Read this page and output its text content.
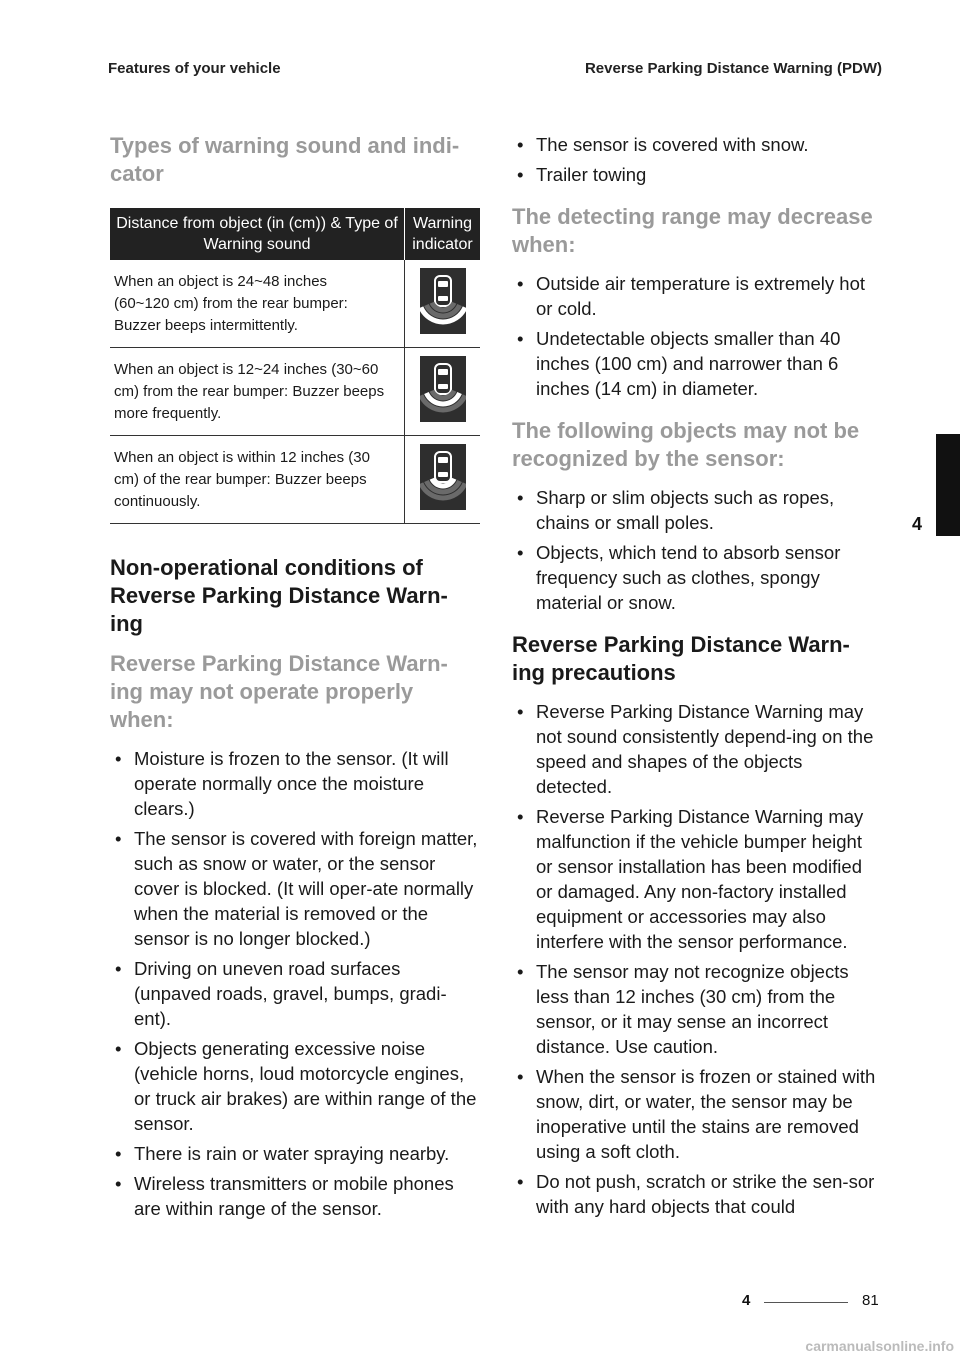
Features of your vehicle	Reverse Parking Distance Warning (PDW)
Types of warning sound and indi-cator
Distance from object (in (cm)) & Type of Warning sound	Warning indicator
When an object is 24~48 inches (60~120 cm) from the rear bumper: Buzzer beeps intermittently.	
When an object is 12~24 inches (30~60 cm) from the rear bumper: Buzzer beeps more frequently.	
When an object is within 12 inches (30 cm) of the rear bumper: Buzzer beeps continuously.	
Non-operational conditions of Reverse Parking Distance Warn-ing
Reverse Parking Distance Warn-ing may not operate properly when:
• Moisture is frozen to the sensor. (It will operate normally once the moisture clears.)
• The sensor is covered with foreign matter, such as snow or water, or the sensor cover is blocked. (It will oper-ate normally when the material is removed or the sensor is no longer blocked.)
• Driving on uneven road surfaces (unpaved roads, gravel, bumps, gradi-ent).
• Objects generating excessive noise (vehicle horns, loud motorcycle engines, or truck air brakes) are within range of the sensor.
• There is rain or water spraying nearby.
• Wireless transmitters or mobile phones are within range of the sensor.
• The sensor is covered with snow.
• Trailer towing
The detecting range may decrease when:
• Outside air temperature is extremely hot or cold.
• Undetectable objects smaller than 40 inches (100 cm) and narrower than 6 inches (14 cm) in diameter.
The following objects may not be recognized by the sensor:
• Sharp or slim objects such as ropes, chains or small poles.
• Objects, which tend to absorb sensor frequency such as clothes, spongy material or snow.
Reverse Parking Distance Warn-ing precautions
• Reverse Parking Distance Warning may not sound consistently depend-ing on the speed and shapes of the objects detected.
• Reverse Parking Distance Warning may malfunction if the vehicle bumper height or sensor installation has been modified or damaged. Any non-factory installed equipment or accessories may also interfere with the sensor performance.
• The sensor may not recognize objects less than 12 inches (30 cm) from the sensor, or it may sense an incorrect distance. Use caution.
• When the sensor is frozen or stained with snow, dirt, or water, the sensor may be inoperative until the stains are removed using a soft cloth.
• Do not push, scratch or strike the sen-sor with any hard objects that could
4
4	81
carmanualsonline.info
